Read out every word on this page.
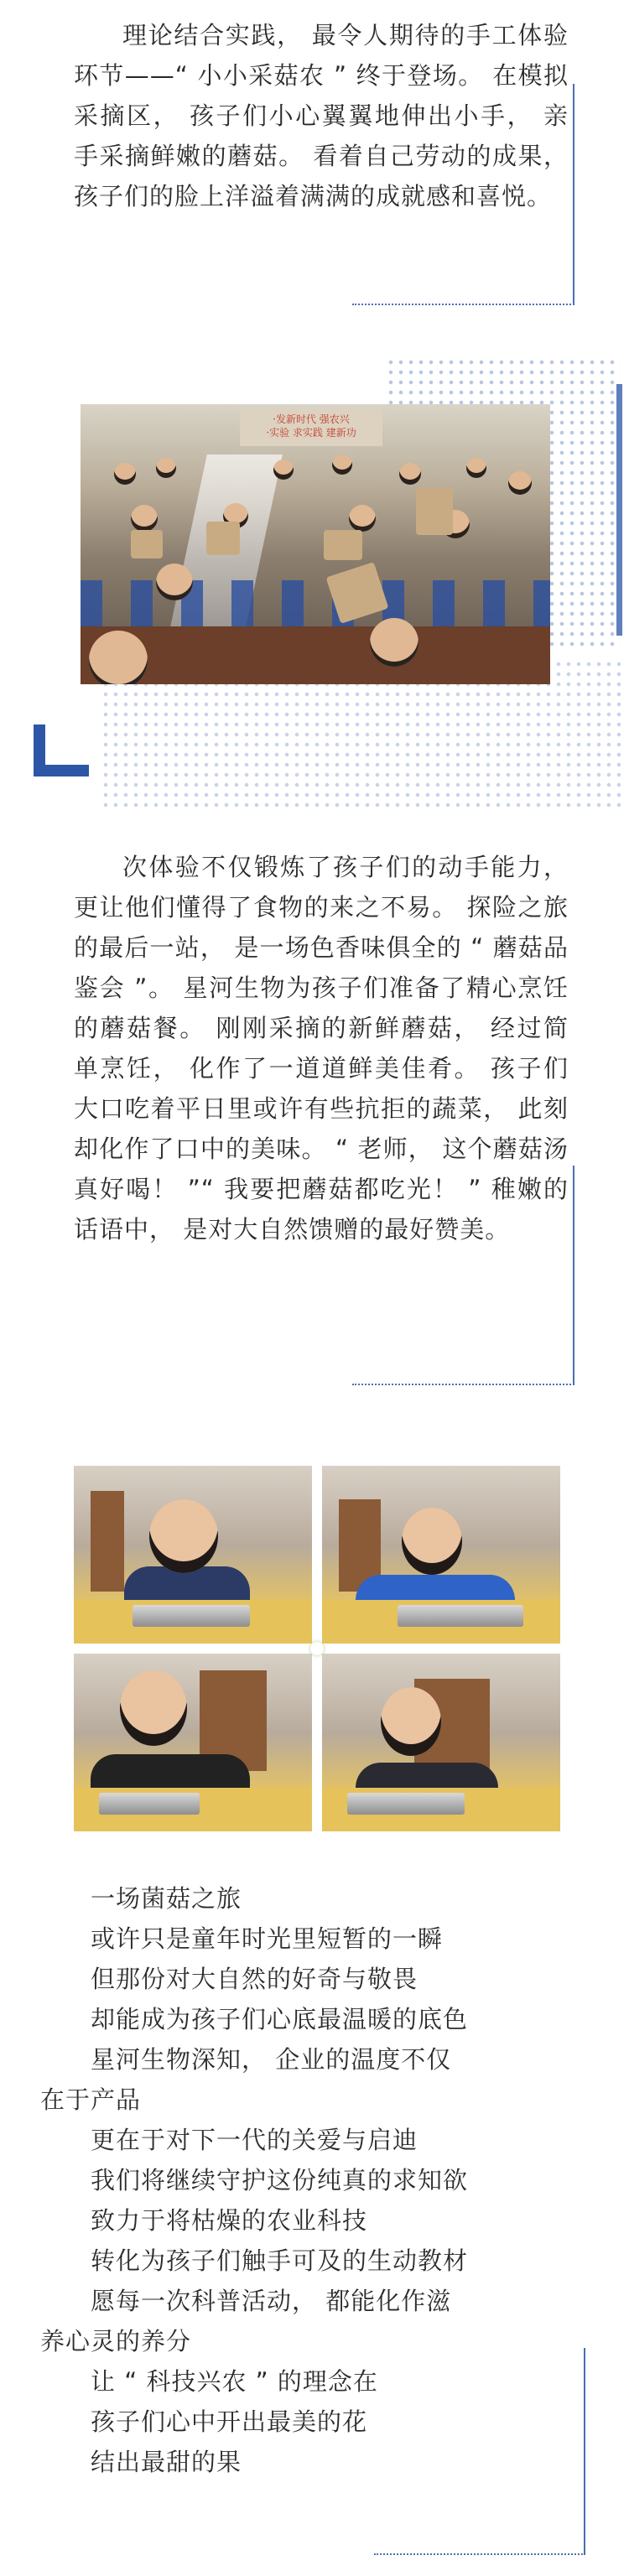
理论结合实践， 最令人期待的手工体验环节——“ 小小采菇农 ” 终于登场。 在模拟采摘区， 孩子们小心翼翼地伸出小手， 亲手采摘鲜嫩的蘑菇。 看着自己劳动的成果， 孩子们的脸上洋溢着满满的成就感和喜悦。

·发新时代 强农兴
·实验 求实践 建新功

次体验不仅锻炼了孩子们的动手能力， 更让他们懂得了食物的来之不易。 探险之旅的最后一站， 是一场色香味俱全的 “ 蘑菇品鉴会 ”。 星河生物为孩子们准备了精心烹饪的蘑菇餐。 刚刚采摘的新鲜蘑菇， 经过简单烹饪， 化作了一道道鲜美佳肴。 孩子们大口吃着平日里或许有些抗拒的蔬菜， 此刻却化作了口中的美味。 “ 老师， 这个蘑菇汤真好喝！ ”“ 我要把蘑菇都吃光！ ” 稚嫩的话语中， 是对大自然馈赠的最好赞美。

一场菌菇之旅
或许只是童年时光里短暂的一瞬
但那份对大自然的好奇与敬畏
却能成为孩子们心底最温暖的底色
星河生物深知， 企业的温度不仅
在于产品
更在于对下一代的关爱与启迪
我们将继续守护这份纯真的求知欲
致力于将枯燥的农业科技
转化为孩子们触手可及的生动教材
愿每一次科普活动， 都能化作滋
养心灵的养分
让 “ 科技兴农 ” 的理念在
孩子们心中开出最美的花
结出最甜的果
